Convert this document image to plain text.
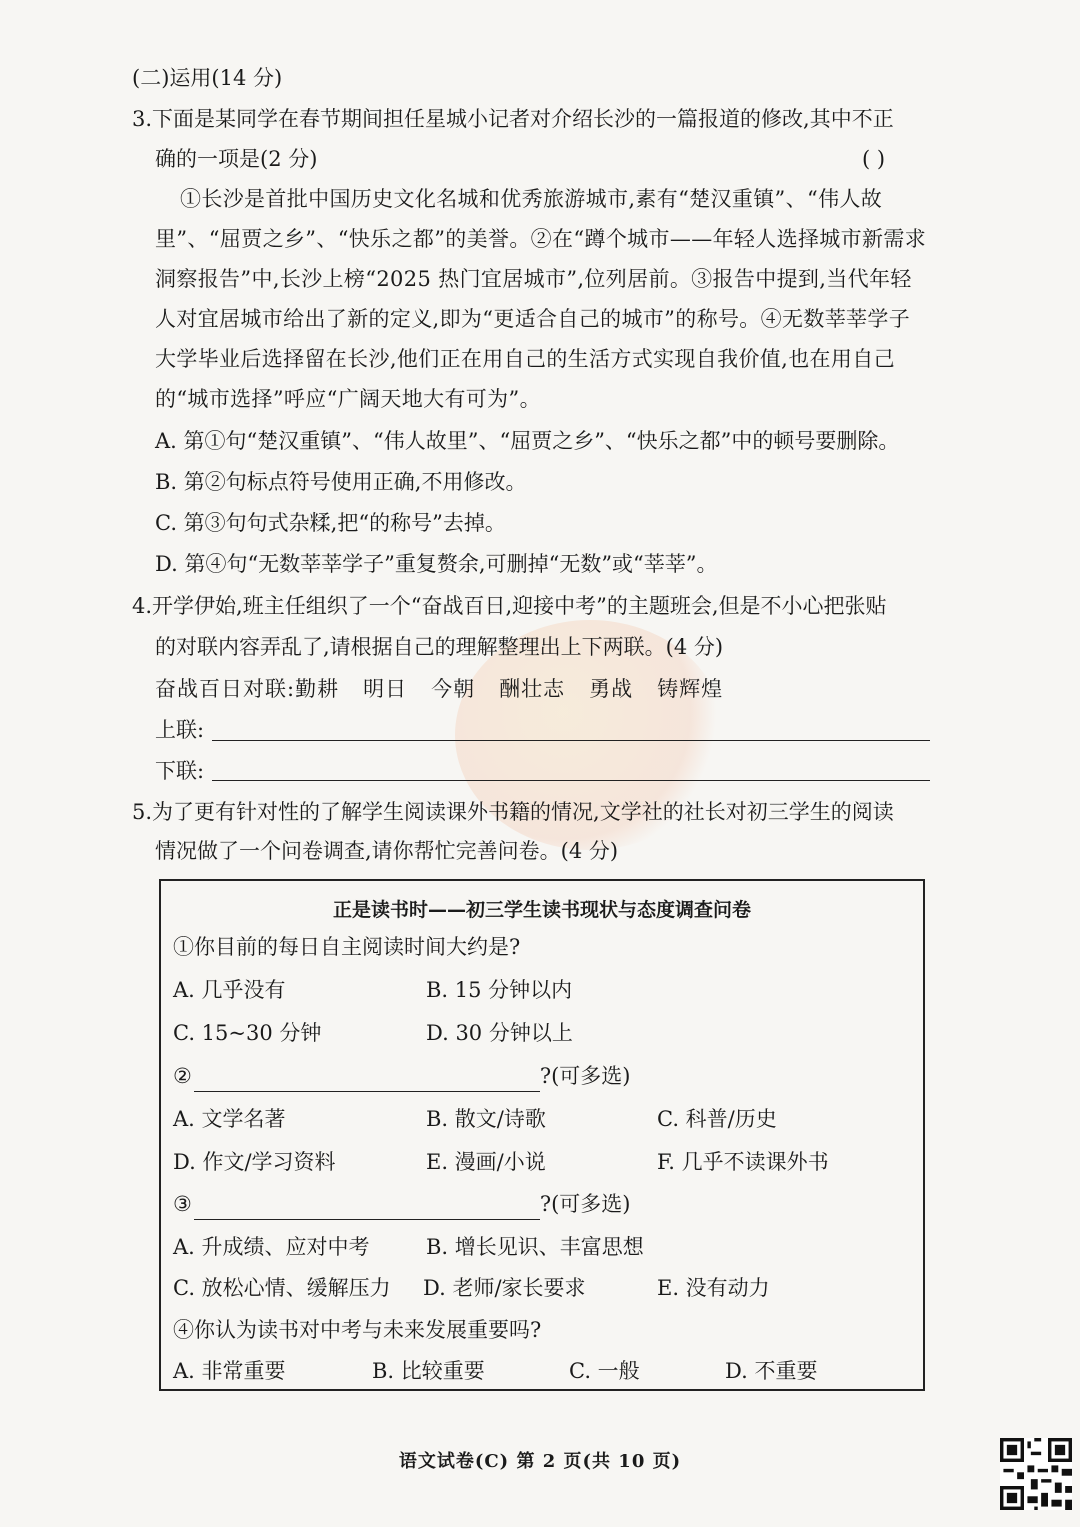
(二)运用(14 分)
3.下面是某同学在春节期间担任星城小记者对介绍长沙的一篇报道的修改,其中不正
确的一项是(2 分)	( )
①长沙是首批中国历史文化名城和优秀旅游城市,素有“楚汉重镇”、“伟人故
里”、“屈贾之乡”、“快乐之都”的美誉。②在“蹲个城市——年轻人选择城市新需求
洞察报告”中,长沙上榜“2025 热门宜居城市”,位列居前。③报告中提到,当代年轻
人对宜居城市给出了新的定义,即为“更适合自己的城市”的称号。④无数莘莘学子
大学毕业后选择留在长沙,他们正在用自己的生活方式实现自我价值,也在用自己
的“城市选择”呼应“广阔天地大有可为”。
A. 第①句“楚汉重镇”、“伟人故里”、“屈贾之乡”、“快乐之都”中的顿号要删除。
B. 第②句标点符号使用正确,不用修改。
C. 第③句句式杂糅,把“的称号”去掉。
D. 第④句“无数莘莘学子”重复赘余,可删掉“无数”或“莘莘”。
4.开学伊始,班主任组织了一个“奋战百日,迎接中考”的主题班会,但是不小心把张贴
的对联内容弄乱了,请根据自己的理解整理出上下两联。(4 分)
奋战百日对联:勤耕 明日 今朝 酬壮志 勇战 铸辉煌
上联:
下联:
5.为了更有针对性的了解学生阅读课外书籍的情况,文学社的社长对初三学生的阅读
情况做了一个问卷调查,请你帮忙完善问卷。(4 分)
正是读书时——初三学生读书现状与态度调查问卷
①你目前的每日自主阅读时间大约是?
A. 几乎没有	B. 15 分钟以内
C. 15~30 分钟	D. 30 分钟以上
②	?(可多选)
A. 文学名著	B. 散文/诗歌	C. 科普/历史
D. 作文/学习资料	E. 漫画/小说	F. 几乎不读课外书
③	?(可多选)
A. 升成绩、应对中考	B. 增长见识、丰富思想
C. 放松心情、缓解压力 D. 老师/家长要求	E. 没有动力
④你认为读书对中考与未来发展重要吗?
A. 非常重要	B. 比较重要	C. 一般	D. 不重要
语文试卷(C) 第 2 页(共 10 页)
